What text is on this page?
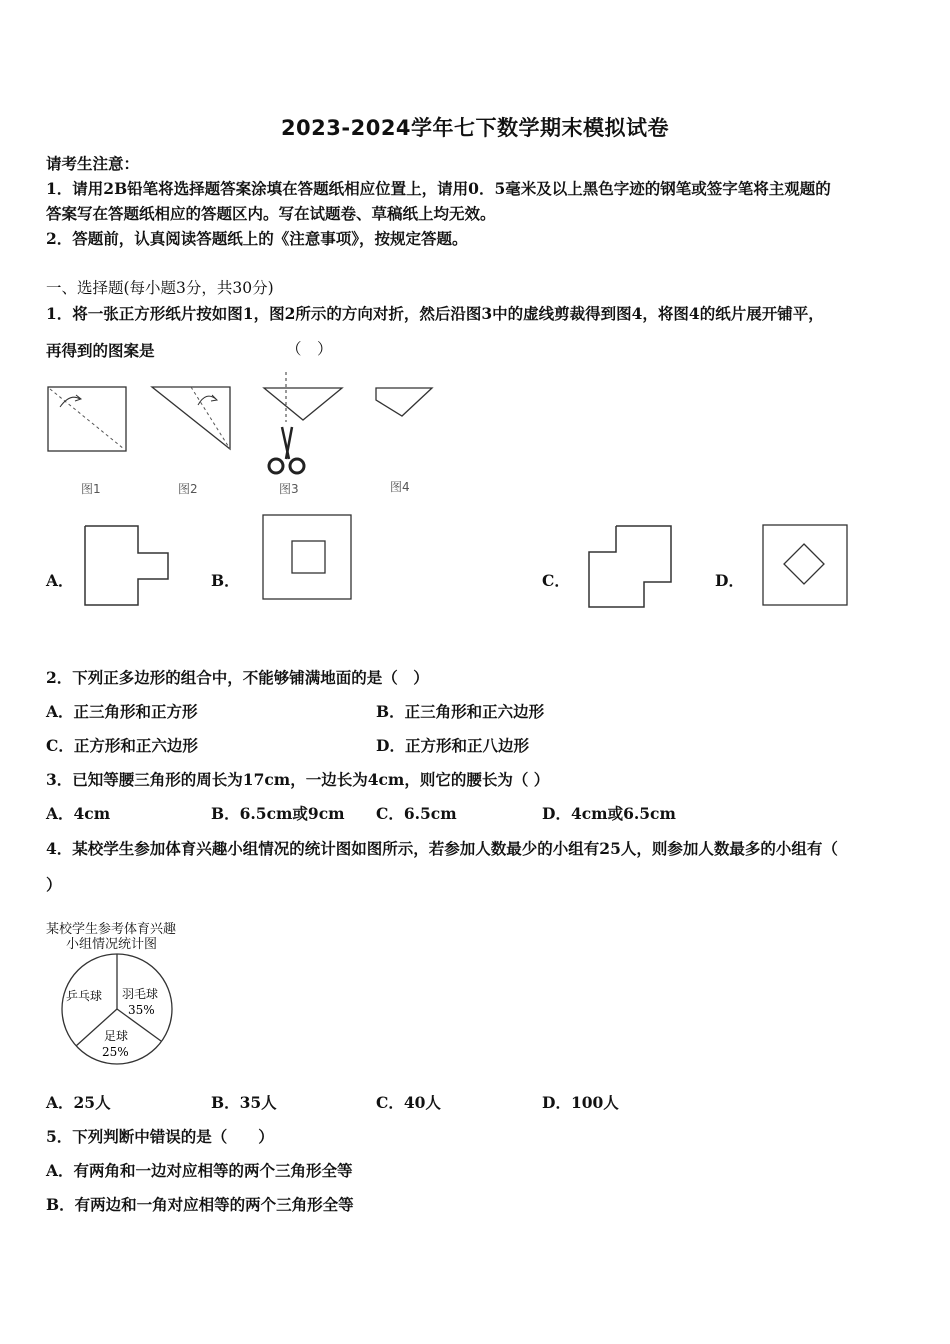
2023-2024学年七下数学期末模拟试卷
请考生注意：
1．请用2B铅笔将选择题答案涂填在答题纸相应位置上，请用0．5毫米及以上黑色字迹的钢笔或签字笔将主观题的
答案写在答题纸相应的答题区内。写在试题卷、草稿纸上均无效。
2．答题前，认真阅读答题纸上的《注意事项》，按规定答题。
一、选择题(每小题3分，共30分)
1．将一张正方形纸片按如图1，图2所示的方向对折，然后沿图3中的虚线剪裁得到图4，将图4的纸片展开铺平，
再得到的图案是	（　）
图1	图2	图3	图4
A．	B．	C．	D．
2．下列正多边形的组合中，不能够铺满地面的是（　）
A．正三角形和正方形	B．正三角形和正六边形
C．正方形和正六边形	D．正方形和正八边形
3．已知等腰三角形的周长为17cm，一边长为4cm，则它的腰长为（ ）
A．4cm	B．6.5cm或9cm C．6.5cm	D．4cm或6.5cm
4．某校学生参加体育兴趣小组情况的统计图如图所示，若参加人数最少的小组有25人，则参加人数最多的小组有（
）
某校学生参考体育兴趣
小组情况统计图
乒乓球 羽毛球
35%
足球
25%
A．25人	B．35人	C．40人	D．100人
5．下列判断中错误的是（　　）
A．有两角和一边对应相等的两个三角形全等
B．有两边和一角对应相等的两个三角形全等
